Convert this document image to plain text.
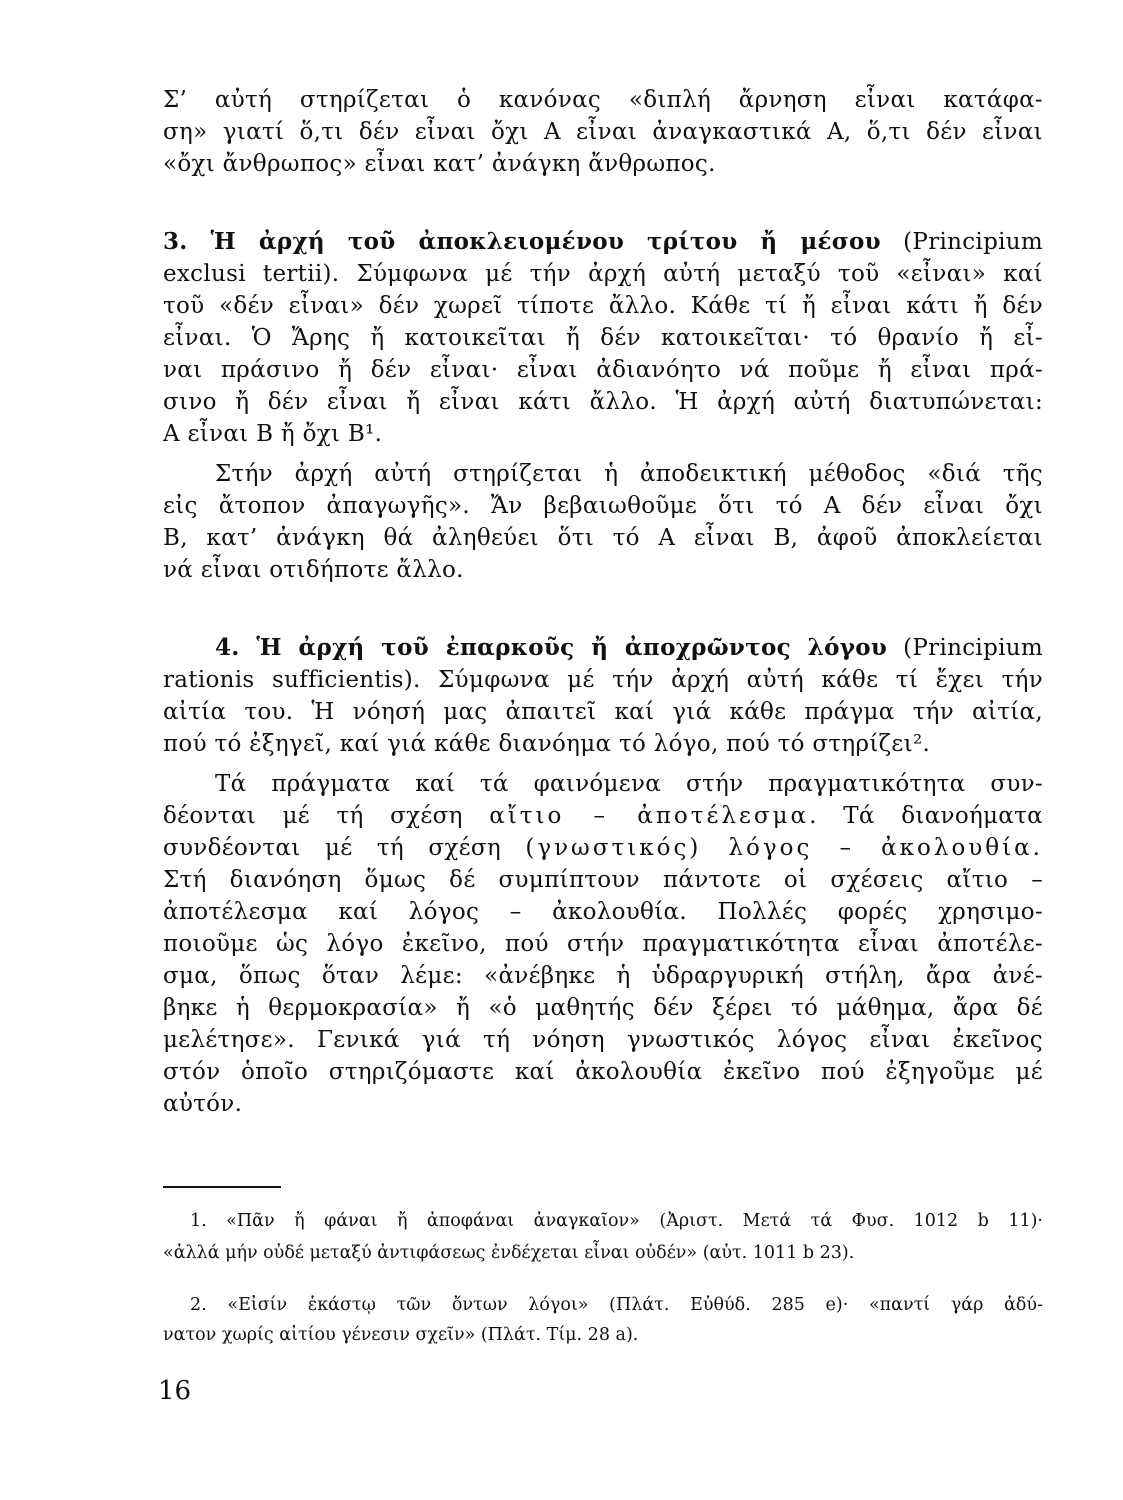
Σ’ αὐτή στηρίζεται ὁ κανόνας «διπλή ἄρνηση εἶναι κατάφα-
ση» γιατί ὅ,τι δέν εἶναι ὄχι Α εἶναι ἀναγκαστικά Α, ὅ,τι δέν εἶναι
«ὄχι ἄνθρωπος» εἶναι κατ’ ἀνάγκη ἄνθρωπος.
3. Ἡ ἀρχή τοῦ ἀποκλειομένου τρίτου ἤ μέσου (Principium
exclusi tertii). Σύμφωνα μέ τήν ἀρχή αὐτή μεταξύ τοῦ «εἶναι» καί
τοῦ «δέν εἶναι» δέν χωρεῖ τίποτε ἄλλο. Κάθε τί ἤ εἶναι κάτι ἤ δέν
εἶναι. Ὁ Ἄρης ἤ κατοικεῖται ἤ δέν κατοικεῖται· τό θρανίο ἤ εἶ-
ναι πράσινο ἤ δέν εἶναι· εἶναι ἀδιανόητο νά ποῦμε ἤ εἶναι πρά-
σινο ἤ δέν εἶναι ἤ εἶναι κάτι ἄλλο. Ἡ ἀρχή αὐτή διατυπώνεται:
Α εἶναι Β ἤ ὄχι Β¹.
Στήν ἀρχή αὐτή στηρίζεται ἡ ἀποδεικτική μέθοδος «διά τῆς
εἰς ἄτοπον ἀπαγωγῆς». Ἄν βεβαιωθοῦμε ὅτι τό Α δέν εἶναι ὄχι
Β, κατ’ ἀνάγκη θά ἀληθεύει ὅτι τό Α εἶναι Β, ἀφοῦ ἀποκλείεται
νά εἶναι οτιδήποτε ἄλλο.
4. Ἡ ἀρχή τοῦ ἐπαρκοῦς ἤ ἀποχρῶντος λόγου (Principium
rationis sufficientis). Σύμφωνα μέ τήν ἀρχή αὐτή κάθε τί ἔχει τήν
αἰτία του. Ἡ νόησή μας ἀπαιτεῖ καί γιά κάθε πράγμα τήν αἰτία,
πού τό ἐξηγεῖ, καί γιά κάθε διανόημα τό λόγο, πού τό στηρίζει².
Τά πράγματα καί τά φαινόμενα στήν πραγματικότητα συν-
δέονται μέ τή σχέση αἴτιο – ἀποτέλεσμα. Τά διανοήματα
συνδέονται μέ τή σχέση (γνωστικός) λόγος – ἀκολουθία.
Στή διανόηση ὅμως δέ συμπίπτουν πάντοτε οἱ σχέσεις αἴτιο –
ἀποτέλεσμα καί λόγος – ἀκολουθία. Πολλές φορές χρησιμο-
ποιοῦμε ὡς λόγο ἐκεῖνο, πού στήν πραγματικότητα εἶναι ἀποτέλε-
σμα, ὅπως ὅταν λέμε: «ἀνέβηκε ἡ ὑδραργυρική στήλη, ἄρα ἀνέ-
βηκε ἡ θερμοκρασία» ἤ «ὁ μαθητής δέν ξέρει τό μάθημα, ἄρα δέ
μελέτησε». Γενικά γιά τή νόηση γνωστικός λόγος εἶναι ἐκεῖνος
στόν ὁποῖο στηριζόμαστε καί ἀκολουθία ἐκεῖνο πού ἐξηγοῦμε μέ
αὐτόν.
1. «Πᾶν ἤ φάναι ἤ ἀποφάναι ἀναγκαῖον» (Ἀριστ. Μετά τά Φυσ. 1012 b 11)·
«ἀλλά μήν οὐδέ μεταξύ ἀντιφάσεως ἐνδέχεται εἶναι οὐδέν» (αὐτ. 1011 b 23).
2. «Εἰσίν ἑκάστῳ τῶν ὄντων λόγοι» (Πλάτ. Εὐθύδ. 285 e)· «παντί γάρ ἀδύ-
νατον χωρίς αἰτίου γένεσιν σχεῖν» (Πλάτ. Τίμ. 28 a).
16
